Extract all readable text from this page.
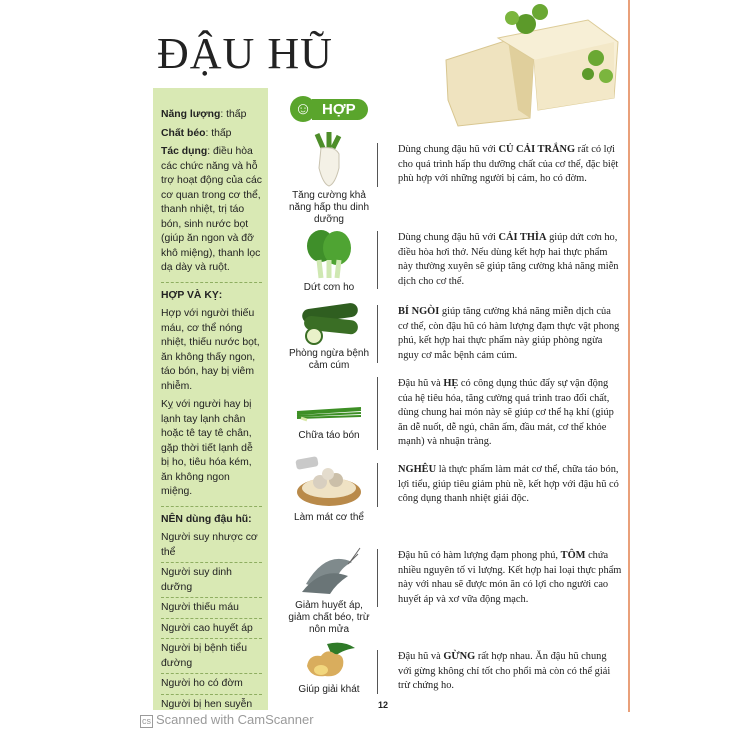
ĐẬU HŨ

Năng lượng: thấp

Chất béo: thấp

Tác dụng: điều hòa các chức năng và hỗ trợ hoạt động của các cơ quan trong cơ thể, thanh nhiệt, trị táo bón, sinh nước bọt (giúp ăn ngon và đỡ khô miệng), thanh lọc dạ dày và ruột.

HỢP VÀ KỴ:

Hợp với người thiếu máu, cơ thể nóng nhiệt, thiếu nước bọt, ăn không thấy ngon, táo bón, hay bị viêm nhiễm.

Kỵ với người hay bị lạnh tay lạnh chân hoặc tê tay tê chân, gặp thời tiết lạnh dễ bị ho, tiêu hóa kém, ăn không ngon miệng.

NÊN dùng đậu hũ:

Người suy nhược cơ thể
Người suy dinh dưỡng
Người thiếu máu
Người cao huyết áp
Người bị bệnh tiểu đường
Người ho có đờm
Người bị hen suyễn

☺ HỢP
Tăng cường khả năng hấp thu dinh dưỡng
Dứt cơn ho
Phòng ngừa bệnh cảm cúm
Chữa táo bón
Làm mát cơ thể
Giảm huyết áp, giảm chất béo, trừ nôn mửa
Giúp giải khát
Dùng chung đậu hũ với CỦ CẢI TRẮNG rất có lợi cho quá trình hấp thu dưỡng chất của cơ thể, đặc biệt phù hợp với những người bị cảm, ho có đờm.
Dùng chung đậu hũ với CẢI THÌA giúp dứt cơn ho, điều hòa hơi thở. Nếu dùng kết hợp hai thực phẩm này thường xuyên sẽ giúp tăng cường khả năng miễn dịch cho cơ thể.
BÍ NGÒI giúp tăng cường khả năng miễn dịch của cơ thể, còn đậu hũ có hàm lượng đạm thực vật phong phú, kết hợp hai thực phẩm này giúp phòng ngừa nguy cơ mắc bệnh cảm cúm.
Đậu hũ và HẸ có công dụng thúc đẩy sự vận động của hệ tiêu hóa, tăng cường quá trình trao đổi chất, dùng chung hai món này sẽ giúp cơ thể hạ khí (giúp ăn dễ nuốt, dễ ngủ, chân ấm, đầu mát, cơ thể khỏe mạnh) và nhuận tràng.
NGHÊU là thực phẩm làm mát cơ thể, chữa táo bón, lợi tiểu, giúp tiêu giảm phù nề, kết hợp với đậu hũ có công dụng thanh nhiệt giải độc.
Đậu hũ có hàm lượng đạm phong phú, TÔM chứa nhiều nguyên tố vi lượng. Kết hợp hai loại thực phẩm này với nhau sẽ được món ăn có lợi cho người cao huyết áp và xơ vữa động mạch.
Đậu hũ và GỪNG rất hợp nhau. Ăn đậu hũ chung với gừng không chỉ tốt cho phổi mà còn có thể giải trừ chứng ho.
12
cs Scanned with CamScanner
